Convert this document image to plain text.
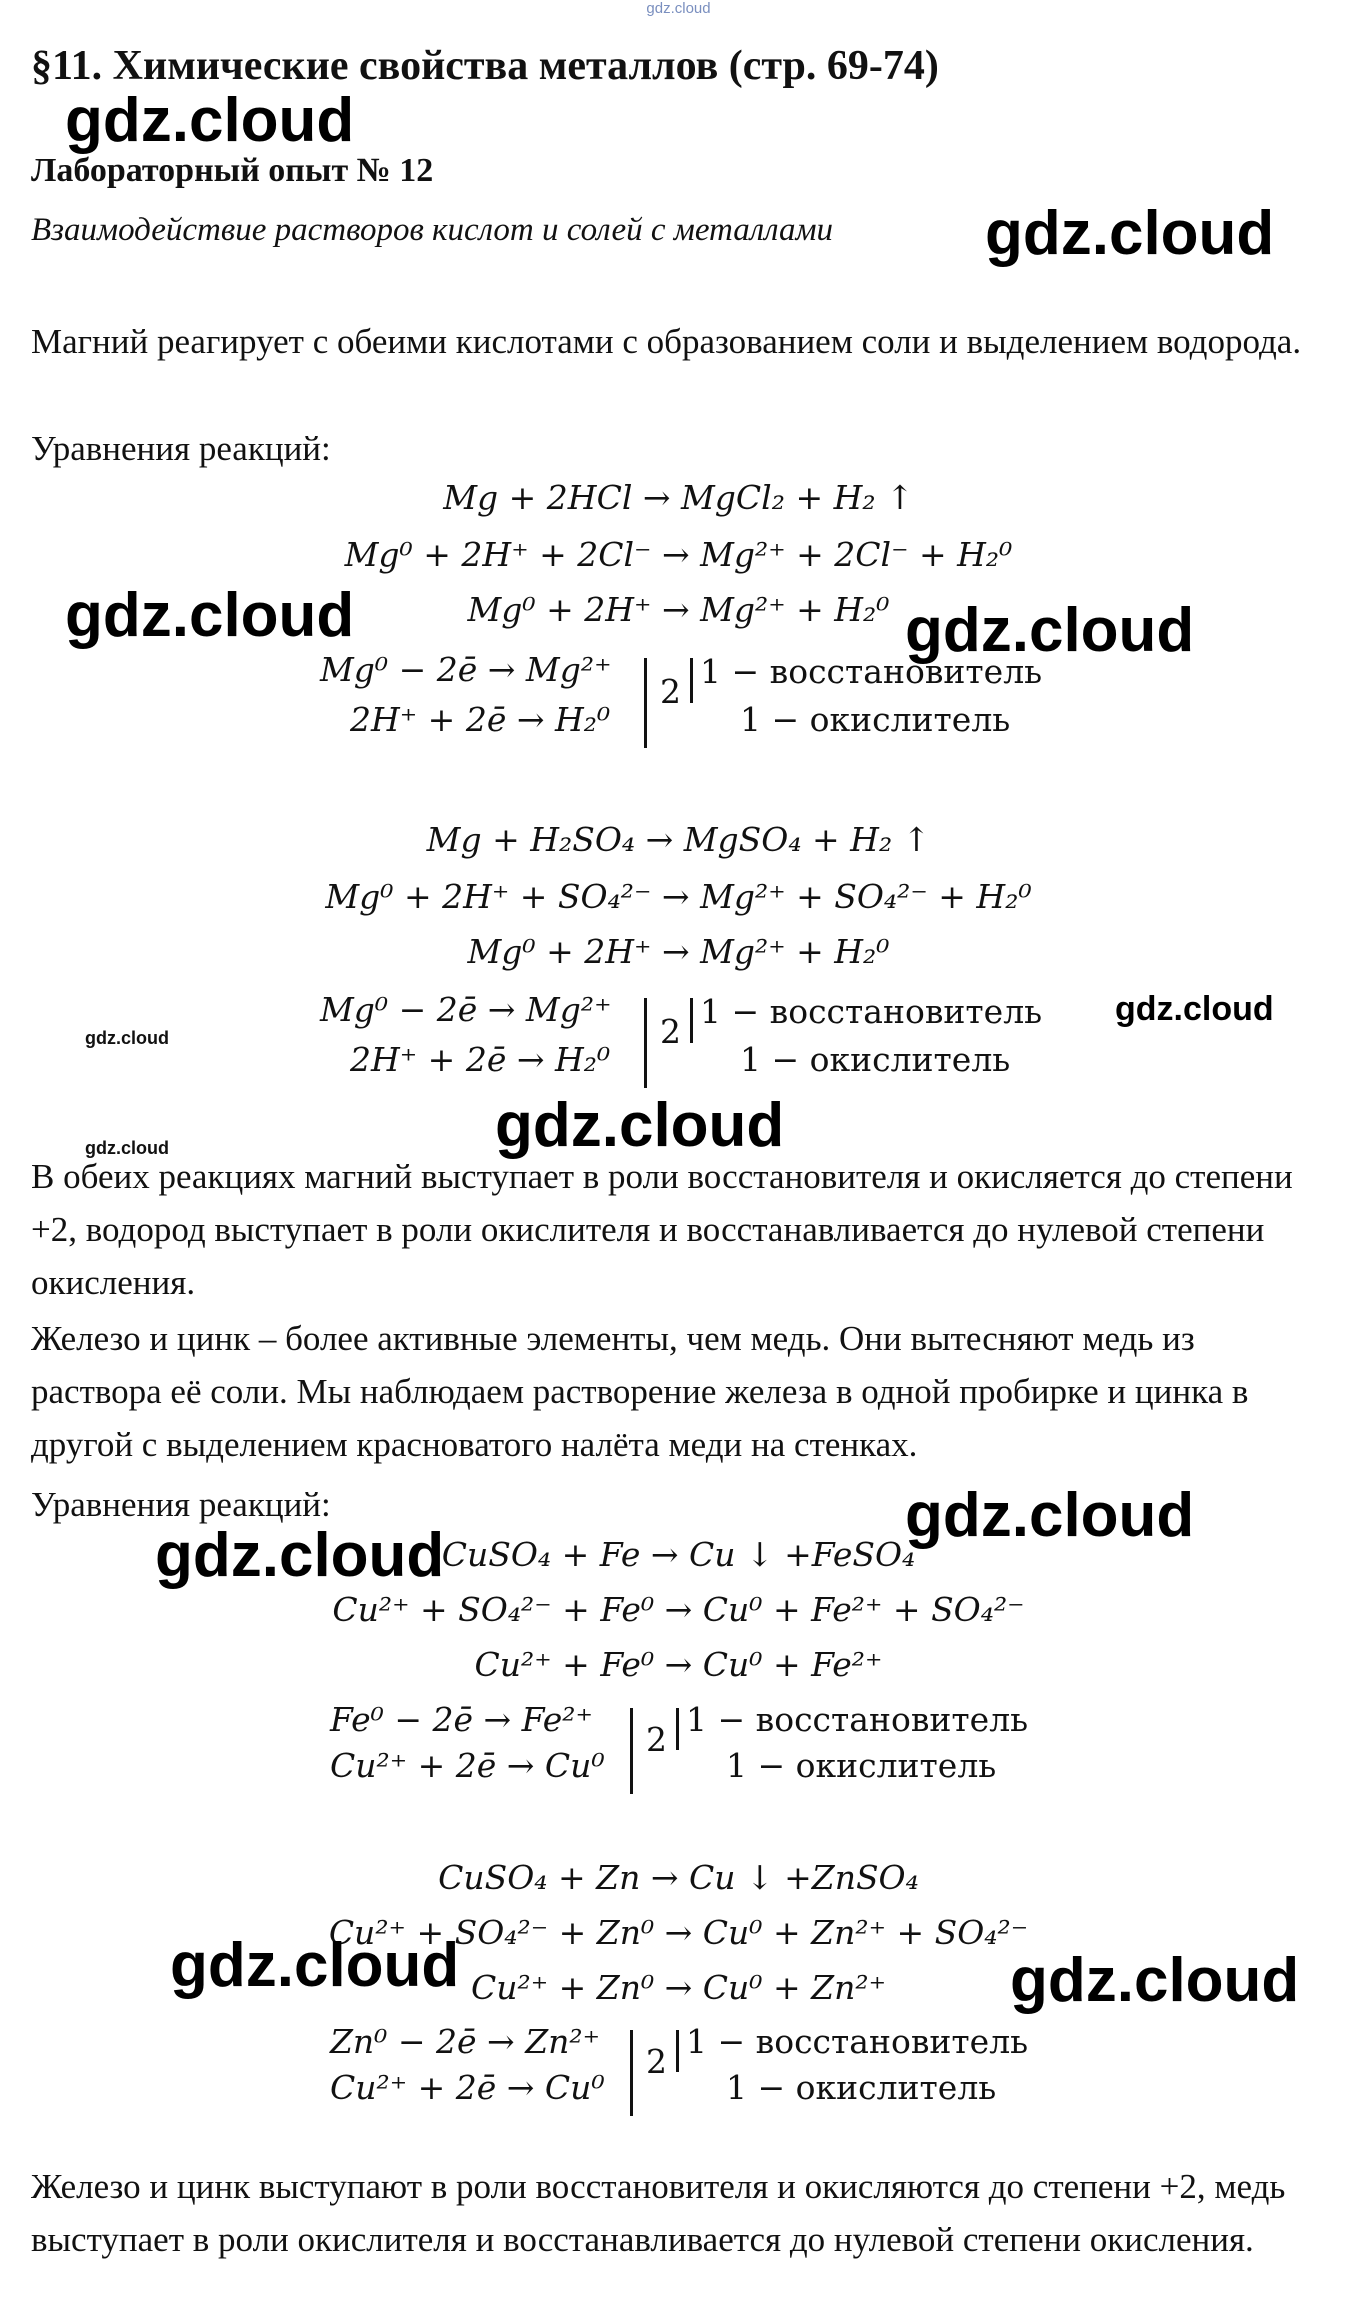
gdz.cloud
§11. Химические свойства металлов (стр. 69-74)
Лабораторный опыт № 12
Взаимодействие растворов кислот и солей с металлами
Магний реагирует с обеими кислотами с образованием соли и выделением водорода.
Уравнения реакций:
Mg + 2HCl → MgCl₂ + H₂ ↑
Mg⁰ + 2H⁺ + 2Cl⁻ → Mg²⁺ + 2Cl⁻ + H₂⁰
Mg⁰ + 2H⁺ → Mg²⁺ + H₂⁰
Mg⁰ − 2ē → Mg²⁺
2H⁺ + 2ē → H₂⁰
2
1 − восстановитель
1 − окислитель
Mg + H₂SO₄ → MgSO₄ + H₂ ↑
Mg⁰ + 2H⁺ + SO₄²⁻ → Mg²⁺ + SO₄²⁻ + H₂⁰
Mg⁰ + 2H⁺ → Mg²⁺ + H₂⁰
Mg⁰ − 2ē → Mg²⁺
2H⁺ + 2ē → H₂⁰
2
1 − восстановитель
1 − окислитель
В обеих реакциях магний выступает в роли восстановителя и окисляется до степени +2, водород выступает в роли окислителя и восстанавливается до нулевой степени окисления.
Железо и цинк – более активные элементы, чем медь. Они вытесняют медь из раствора её соли. Мы наблюдаем растворение железа в одной пробирке и цинка в другой с выделением красноватого налёта меди на стенках.
Уравнения реакций:
CuSO₄ + Fe → Cu ↓ +FeSO₄
Cu²⁺ + SO₄²⁻ + Fe⁰ → Cu⁰ + Fe²⁺ + SO₄²⁻
Cu²⁺ + Fe⁰ → Cu⁰ + Fe²⁺
Fe⁰ − 2ē → Fe²⁺
Cu²⁺ + 2ē → Cu⁰
2
1 − восстановитель
1 − окислитель
CuSO₄ + Zn → Cu ↓ +ZnSO₄
Cu²⁺ + SO₄²⁻ + Zn⁰ → Cu⁰ + Zn²⁺ + SO₄²⁻
Cu²⁺ + Zn⁰ → Cu⁰ + Zn²⁺
Zn⁰ − 2ē → Zn²⁺
Cu²⁺ + 2ē → Cu⁰
2
1 − восстановитель
1 − окислитель
Железо и цинк выступают в роли восстановителя и окисляются до степени +2, медь выступает в роли окислителя и восстанавливается до нулевой степени окисления.
gdz.cloud
gdz.cloud
gdz.cloud	gdz.cloud
gdz.cloud
gdz.cloud
gdz.cloud
gdz.cloud
gdz.cloud
gdz.cloud
gdz.cloud	gdz.cloud
